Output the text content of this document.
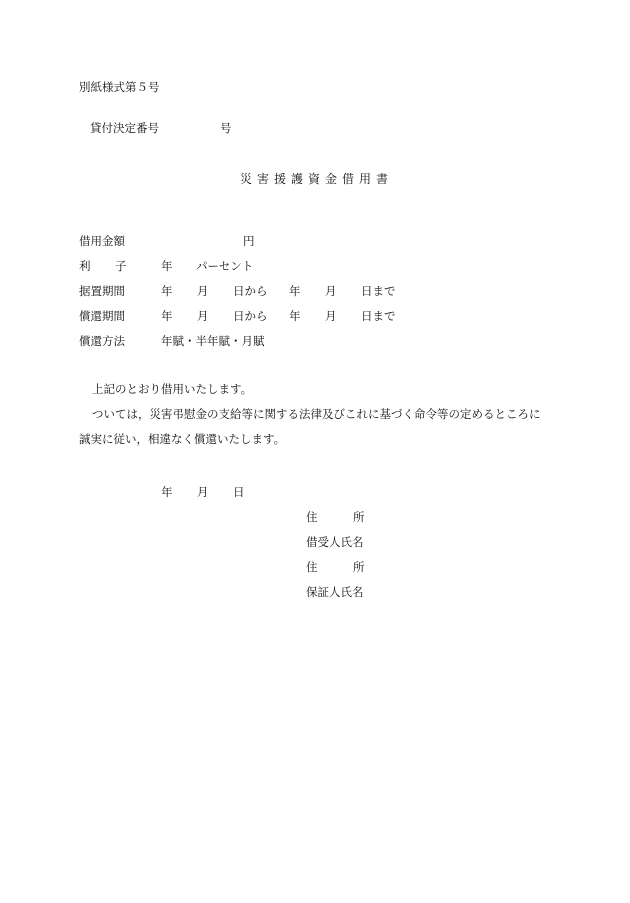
別紙様式第５号
貸付決定番号	号
災害援護資金借用書
借用金額	円
利 子	年 パーセント
据置期間	年 月 日から 年 月 日まで
償還期間	年 月 日から 年 月 日まで
償還方法	年賦・半年賦・月賦
上記のとおり借用いたします。
ついては，災害弔慰金の支給等に関する法律及びこれに基づく命令等の定めるところに
誠実に従い，相違なく償還いたします。
年 月 日
住	所
借受人氏名
住	所
保証人氏名
